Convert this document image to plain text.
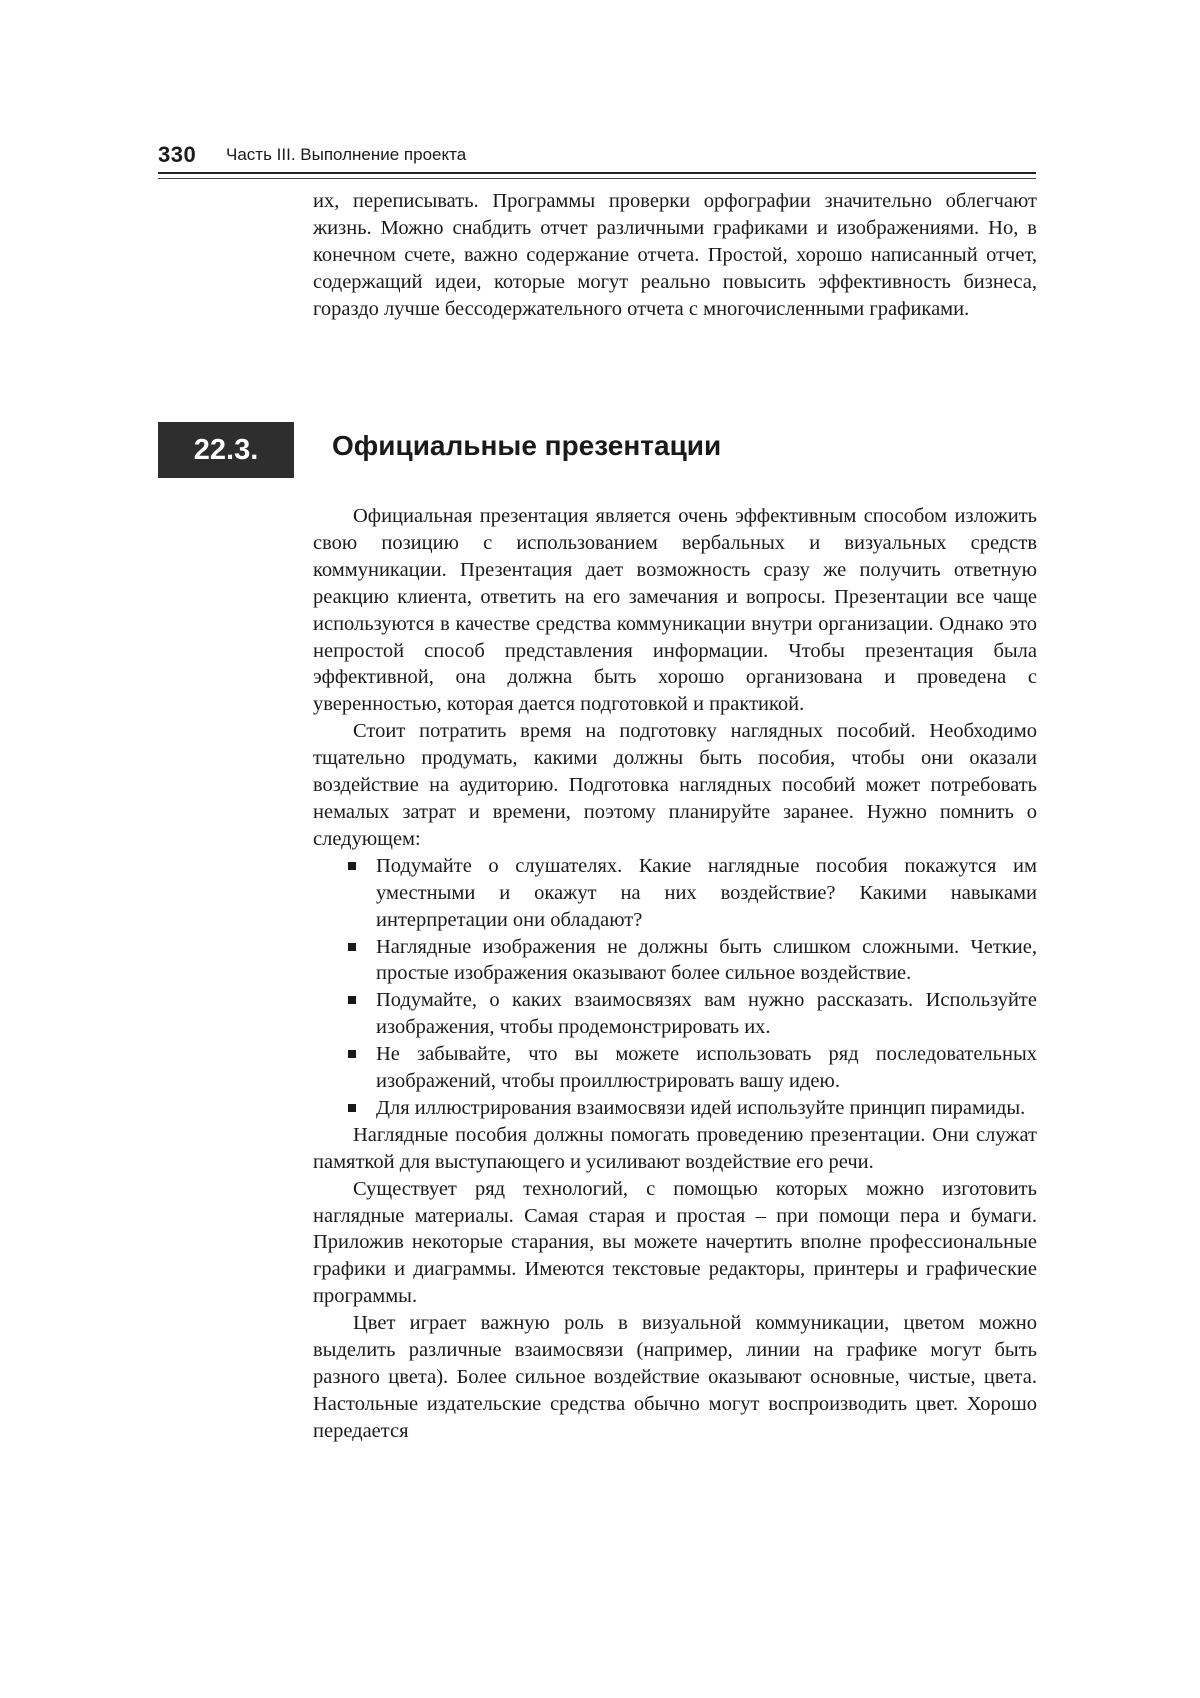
330 Часть III. Выполнение проекта

их, переписывать. Программы проверки орфографии значительно облегчают жизнь. Можно снабдить отчет различными графиками и изображениями. Но, в конечном счете, важно содержание отчета. Простой, хорошо написанный отчет, содержащий идеи, которые могут реально повысить эффективность бизнеса, гораздо лучше бессодержательного отчета с многочисленными графиками.

22.3.	Официальные презентации

Официальная презентация является очень эффективным способом изложить свою позицию с использованием вербальных и визуальных средств коммуникации. Презентация дает возможность сразу же получить ответную реакцию клиента, ответить на его замечания и вопросы. Презентации все чаще используются в качестве средства коммуникации внутри организации. Однако это непростой способ представления информации. Чтобы презентация была эффективной, она должна быть хорошо организована и проведена с уверенностью, которая дается подготовкой и практикой.

Стоит потратить время на подготовку наглядных пособий. Необходимо тщательно продумать, какими должны быть пособия, чтобы они оказали воздействие на аудиторию. Подготовка наглядных пособий может потребовать немалых затрат и времени, поэтому планируйте заранее. Нужно помнить о следующем:

Подумайте о слушателях. Какие наглядные пособия покажутся им уместными и окажут на них воздействие? Какими навыками интерпретации они обладают?
Наглядные изображения не должны быть слишком сложными. Четкие, простые изображения оказывают более сильное воздействие.
Подумайте, о каких взаимосвязях вам нужно рассказать. Используйте изображения, чтобы продемонстрировать их.
Не забывайте, что вы можете использовать ряд последовательных изображений, чтобы проиллюстрировать вашу идею.
Для иллюстрирования взаимосвязи идей используйте принцип пирамиды.

Наглядные пособия должны помогать проведению презентации. Они служат памяткой для выступающего и усиливают воздействие его речи.

Существует ряд технологий, с помощью которых можно изготовить наглядные материалы. Самая старая и простая – при помощи пера и бумаги. Приложив некоторые старания, вы можете начертить вполне профессиональные графики и диаграммы. Имеются текстовые редакторы, принтеры и графические программы.

Цвет играет важную роль в визуальной коммуникации, цветом можно выделить различные взаимосвязи (например, линии на графике могут быть разного цвета). Более сильное воздействие оказывают основные, чистые, цвета. Настольные издательские средства обычно могут воспроизводить цвет. Хорошо передается
